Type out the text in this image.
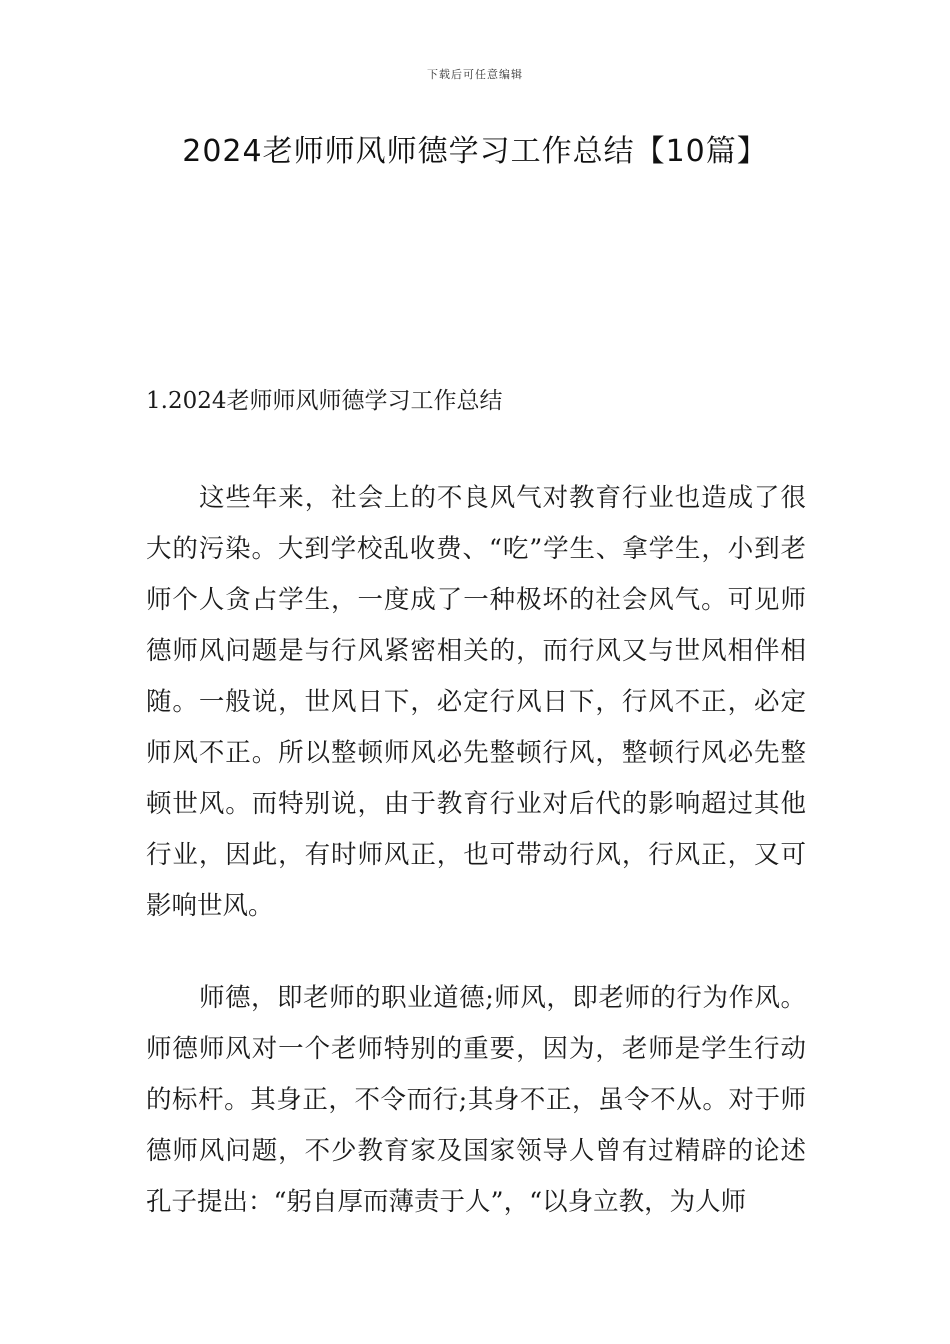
下载后可任意编辑
2024老师师风师德学习工作总结【10篇】
1.2024老师师风师德学习工作总结

这些年来，社会上的不良风气对教育行业也造成了很大的污染。大到学校乱收费、“吃”学生、拿学生，小到老师个人贪占学生，一度成了一种极坏的社会风气。可见师德师风问题是与行风紧密相关的，而行风又与世风相伴相随。一般说，世风日下，必定行风日下，行风不正，必定师风不正。所以整顿师风必先整顿行风，整顿行风必先整顿世风。而特别说，由于教育行业对后代的影响超过其他行业，因此，有时师风正，也可带动行风，行风正，又可影响世风。

师德，即老师的职业道德;师风，即老师的行为作风。师德师风对一个老师特别的重要，因为，老师是学生行动的标杆。其身正，不令而行;其身不正，虽令不从。对于师德师风问题，不少教育家及国家领导人曾有过精辟的论述孔子提出：“躬自厚而薄责于人”，“以身立教，为人师
